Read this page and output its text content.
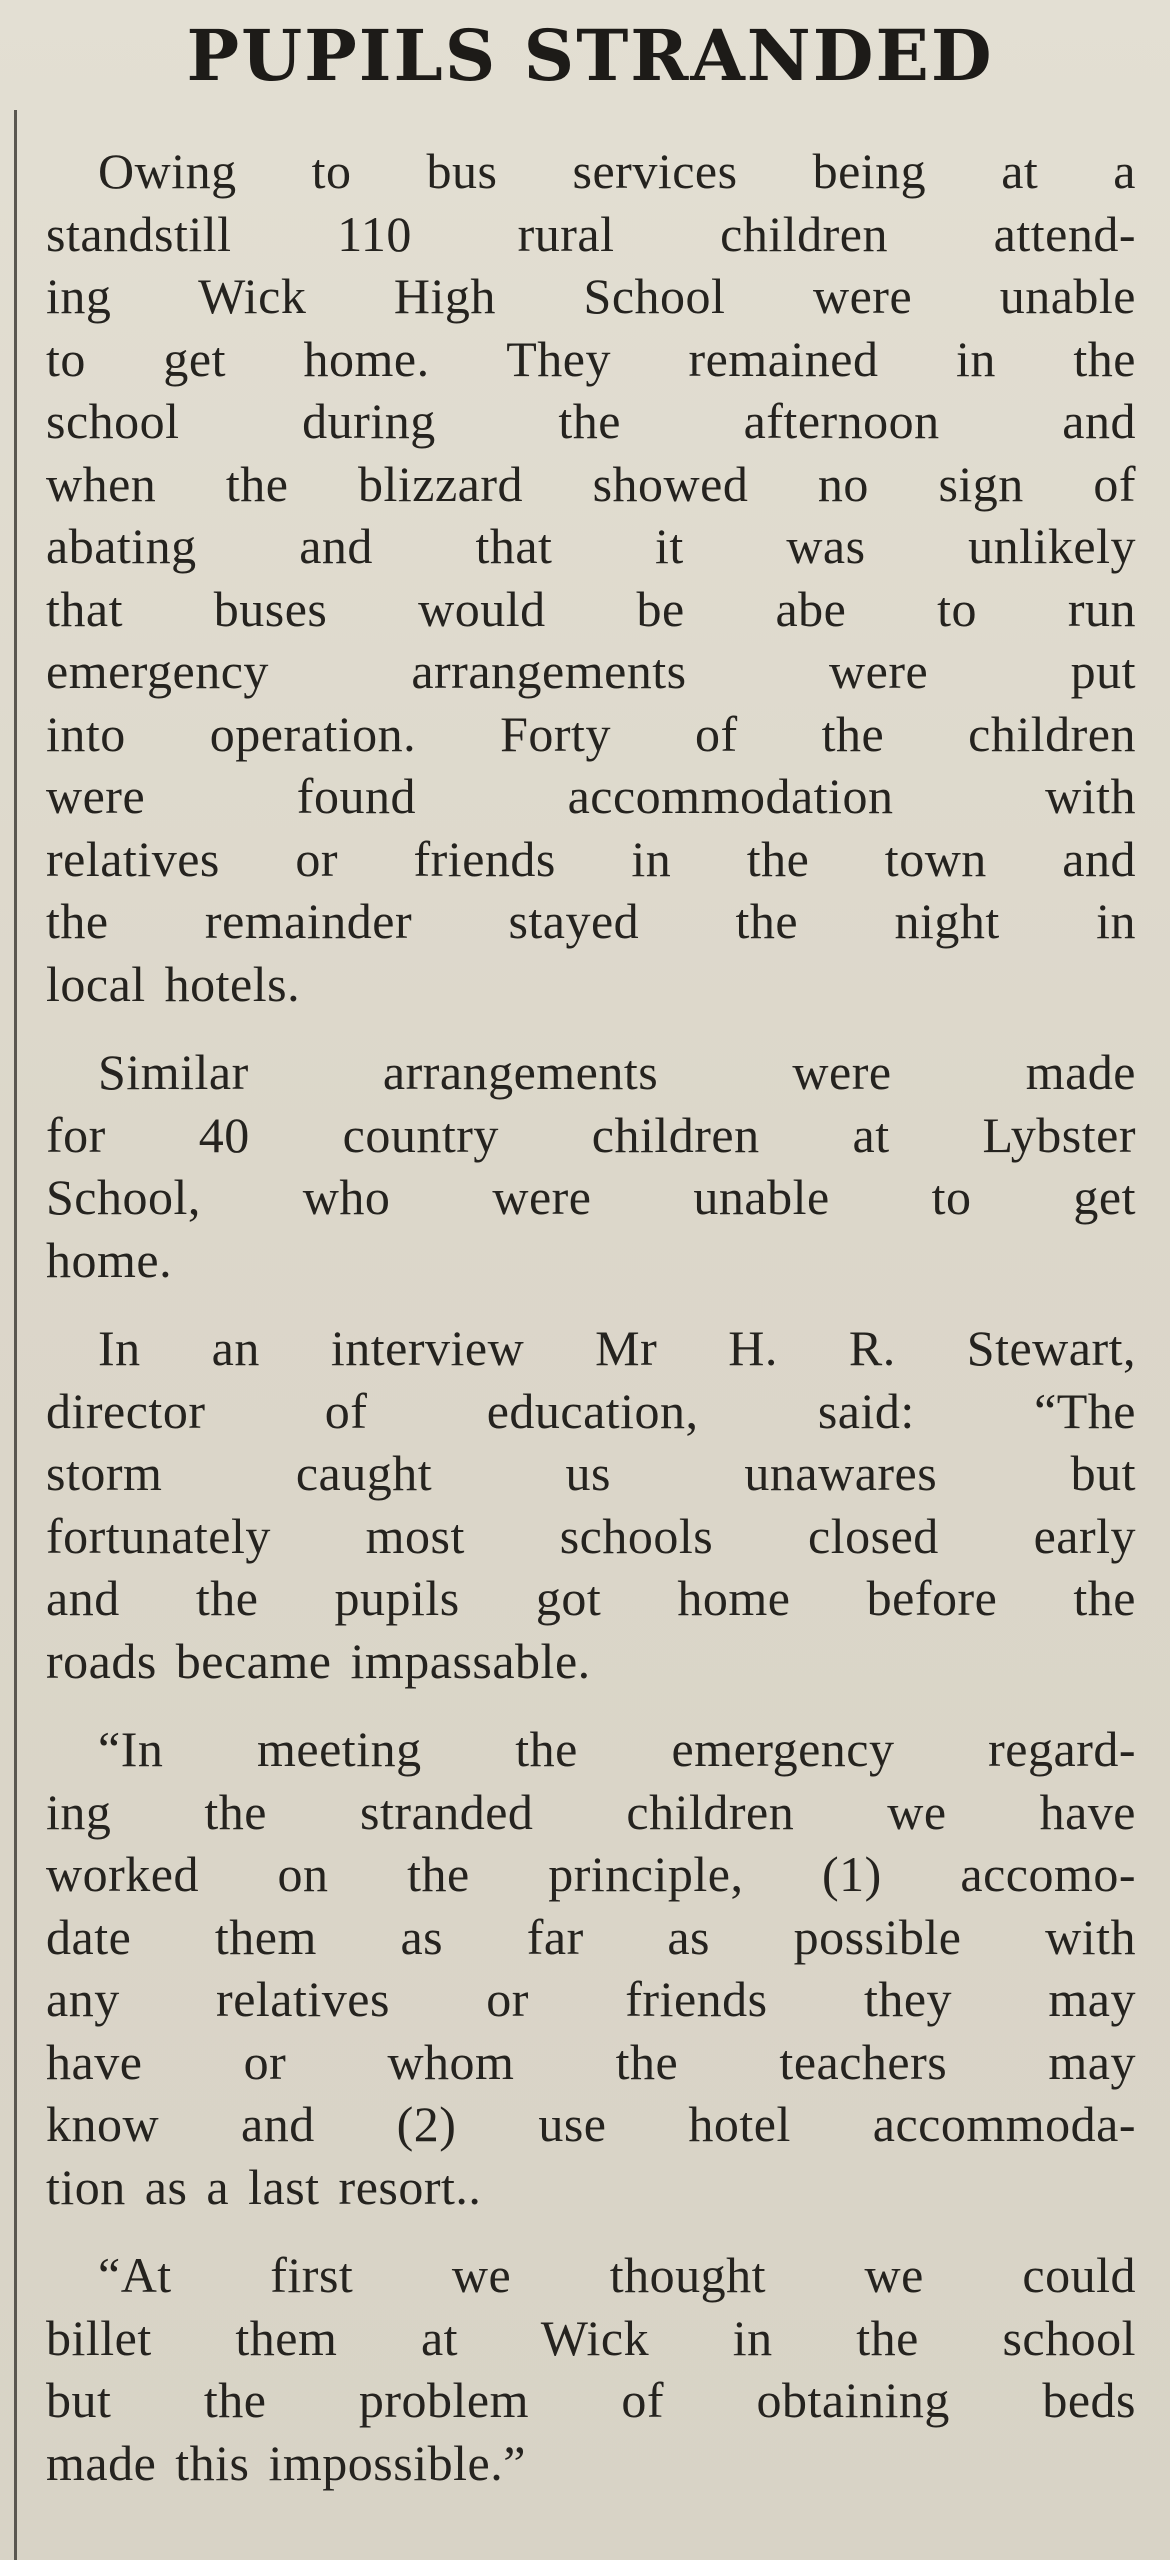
PUPILS STRANDED

Owing to bus services being at a
standstill 110 rural children attend-
ing Wick High School were unable
to get home. They remained in the
school during the afternoon and
when the blizzard showed no sign of
abating and that it was unlikely
that buses would be abe to run
emergency arrangements were put
into operation. Forty of the children
were found accommodation with
relatives or friends in the town and
the remainder stayed the night in
local hotels.

Similar arrangements were made
for 40 country children at Lybster
School, who were unable to get
home.

In an interview Mr H. R. Stewart,
director of education, said: “The
storm caught us unawares but
fortunately most schools closed early
and the pupils got home before the
roads became impassable.

“In meeting the emergency regard-
ing the stranded children we have
worked on the principle, (1) accomo-
date them as far as possible with
any relatives or friends they may
have or whom the teachers may
know and (2) use hotel accommoda-
tion as a last resort..

“At first we thought we could
billet them at Wick in the school
but the problem of obtaining beds
made this impossible.”
